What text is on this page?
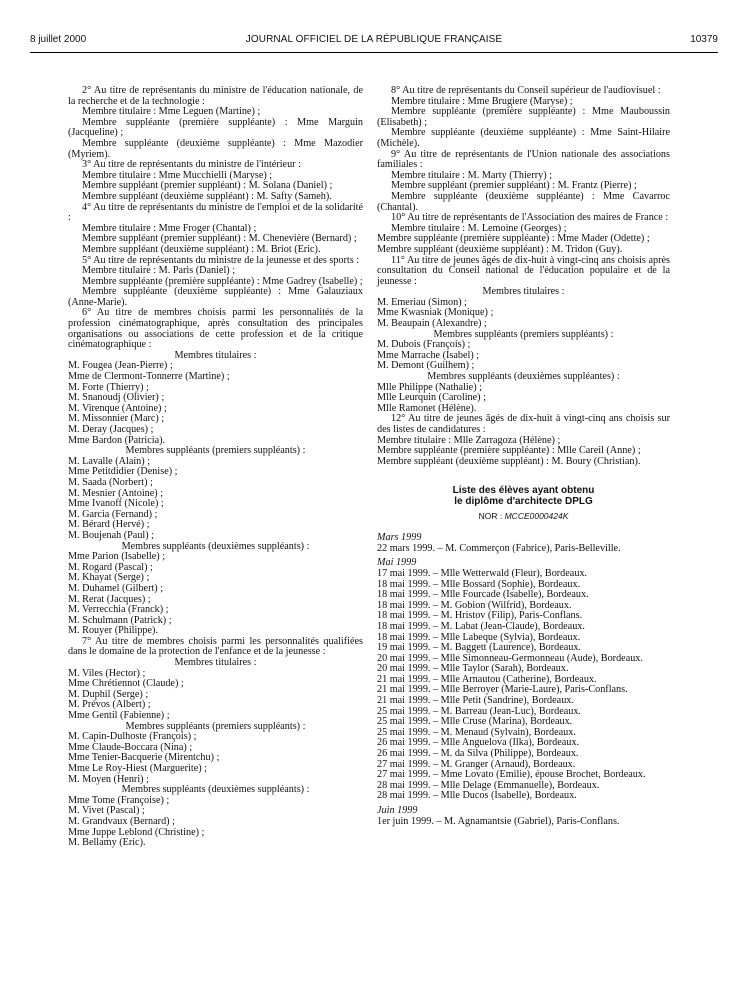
8 juillet 2000	JOURNAL OFFICIEL DE LA RÉPUBLIQUE FRANÇAISE	10379

2° Au titre de représentants du ministre de l'éducation nationale, de la recherche et de la technologie :

Membre titulaire : Mme Leguen (Martine) ;

Membre suppléante (première suppléante) : Mme Marguin (Jacqueline) ;

Membre suppléante (deuxième suppléante) : Mme Mazodier (Myriem).

3° Au titre de représentants du ministre de l'intérieur :

Membre titulaire : Mme Mucchielli (Maryse) ;

Membre suppléant (premier suppléant) : M. Solana (Daniel) ;

Membre suppléant (deuxième suppléant) : M. Safty (Sameh).

4° Au titre de représentants du ministre de l'emploi et de la solidarité :

Membre titulaire : Mme Froger (Chantal) ;

Membre suppléant (premier suppléant) : M. Chenevière (Bernard) ;

Membre suppléant (deuxième suppléant) : M. Briot (Eric).

5° Au titre de représentants du ministre de la jeunesse et des sports :

Membre titulaire : M. Paris (Daniel) ;

Membre suppléante (première suppléante) : Mme Gadrey (Isabelle) ;

Membre suppléante (deuxième suppléante) : Mme Galauziaux (Anne-Marie).

6° Au titre de membres choisis parmi les personnalités de la profession cinématographique, après consultation des principales organisations ou associations de cette profession et de la critique cinématographique :

Membres titulaires :

M. Fougea (Jean-Pierre) ;

Mme de Clermont-Tonnerre (Martine) ;

M. Forte (Thierry) ;

M. Snanoudj (Olivier) ;

M. Virenque (Antoine) ;

M. Missonnier (Marc) ;

M. Deray (Jacques) ;

Mme Bardon (Patricia).

Membres suppléants (premiers suppléants) :

M. Lavalle (Alain) ;

Mme Petitdidier (Denise) ;

M. Saada (Norbert) ;

M. Mesnier (Antoine) ;

Mme Ivanoff (Nicole) ;

M. Garcia (Fernand) ;

M. Bérard (Hervé) ;

M. Boujenah (Paul) ;

Membres suppléants (deuxièmes suppléants) :

Mme Parion (Isabelle) ;

M. Rogard (Pascal) ;

M. Khayat (Serge) ;

M. Duhamel (Gilbert) ;

M. Rerat (Jacques) ;

M. Verrecchia (Franck) ;

M. Schulmann (Patrick) ;

M. Rouyer (Philippe).

7° Au titre de membres choisis parmi les personnalités qualifiées dans le domaine de la protection de l'enfance et de la jeunesse :

Membres titulaires :

M. Viles (Hector) ;

Mme Chrétiennot (Claude) ;

M. Duphil (Serge) ;

M. Prévos (Albert) ;

Mme Gentil (Fabienne) ;

Membres suppléants (premiers suppléants) :

M. Capin-Dulhoste (François) ;

Mme Claude-Boccara (Nina) ;

Mme Tenier-Bacquerie (Mirentchu) ;

Mme Le Roy-Hiest (Marguerite) ;

M. Moyen (Henri) ;

Membres suppléants (deuxièmes suppléants) :

Mme Tome (Françoise) ;

M. Vivet (Pascal) ;

M. Grandvaux (Bernard) ;

Mme Juppe Leblond (Christine) ;

M. Bellamy (Eric).

8° Au titre de représentants du Conseil supérieur de l'audiovisuel :

Membre titulaire : Mme Brugiere (Maryse) ;

Membre suppléante (première suppléante) : Mme Mauboussin (Elisabeth) ;

Membre suppléante (deuxième suppléante) : Mme Saint-Hilaire (Michèle).

9° Au titre de représentants de l'Union nationale des associations familiales :

Membre titulaire : M. Marty (Thierry) ;

Membre suppléant (premier suppléant) : M. Frantz (Pierre) ;

Membre suppléante (deuxième suppléante) : Mme Cavarroc (Chantal).

10° Au titre de représentants de l'Association des maires de France :

Membre titulaire : M. Lemoine (Georges) ;

Membre suppléante (première suppléante) : Mme Mader (Odette) ;

Membre suppléant (deuxième suppléant) : M. Tridon (Guy).

11° Au titre de jeunes âgés de dix-huit à vingt-cinq ans choisis après consultation du Conseil national de l'éducation populaire et de la jeunesse :

Membres titulaires :

M. Emeriau (Simon) ;

Mme Kwasniak (Monique) ;

M. Beaupain (Alexandre) ;

Membres suppléants (premiers suppléants) :

M. Dubois (François) ;

Mme Marrache (Isabel) ;

M. Demont (Guilhem) ;

Membres suppléants (deuxièmes suppléantes) :

Mlle Philippe (Nathalie) ;

Mlle Leurquin (Caroline) ;

Mlle Ramonet (Hélène).

12° Au titre de jeunes âgés de dix-huit à vingt-cinq ans choisis sur des listes de candidatures :

Membre titulaire : Mlle Zarragoza (Hélène) ;

Membre suppléante (première suppléante) : Mlle Careil (Anne) ;

Membre suppléant (deuxième suppléant) : M. Boury (Christian).

Liste des élèves ayant obtenu
le diplôme d'architecte DPLG
NOR : MCCE0000424K

Mars 1999

22 mars 1999. – M. Commerçon (Fabrice), Paris-Belleville.

Mai 1999

17 mai 1999. – Mlle Wetterwald (Fleur), Bordeaux.

18 mai 1999. – Mlle Bossard (Sophie), Bordeaux.

18 mai 1999. – Mlle Fourcade (Isabelle), Bordeaux.

18 mai 1999. – M. Gobion (Wilfrid), Bordeaux.

18 mai 1999. – M. Hristov (Filip), Paris-Conflans.

18 mai 1999. – M. Labat (Jean-Claude), Bordeaux.

18 mai 1999. – Mlle Labeque (Sylvia), Bordeaux.

19 mai 1999. – M. Baggett (Laurence), Bordeaux.

20 mai 1999. – Mlle Simonneau-Germonneau (Aude), Bordeaux.

20 mai 1999. – Mlle Taylor (Sarah), Bordeaux.

21 mai 1999. – Mlle Arnautou (Catherine), Bordeaux.

21 mai 1999. – Mlle Berroyer (Marie-Laure), Paris-Conflans.

21 mai 1999. – Mlle Petit (Sandrine), Bordeaux.

25 mai 1999. – M. Barreau (Jean-Luc), Bordeaux.

25 mai 1999. – Mlle Cruse (Marina), Bordeaux.

25 mai 1999. – M. Menaud (Sylvain), Bordeaux.

26 mai 1999. – Mlle Anguelova (Ilka), Bordeaux.

26 mai 1999. – M. da Silva (Philippe), Bordeaux.

27 mai 1999. – M. Granger (Arnaud), Bordeaux.

27 mai 1999. – Mme Lovato (Emilie), épouse Brochet, Bordeaux.

28 mai 1999. – Mlle Delage (Emmanuelle), Bordeaux.

28 mai 1999. – Mlle Ducos (Isabelle), Bordeaux.

Juin 1999

1er juin 1999. – M. Agnamantsie (Gabriel), Paris-Conflans.
